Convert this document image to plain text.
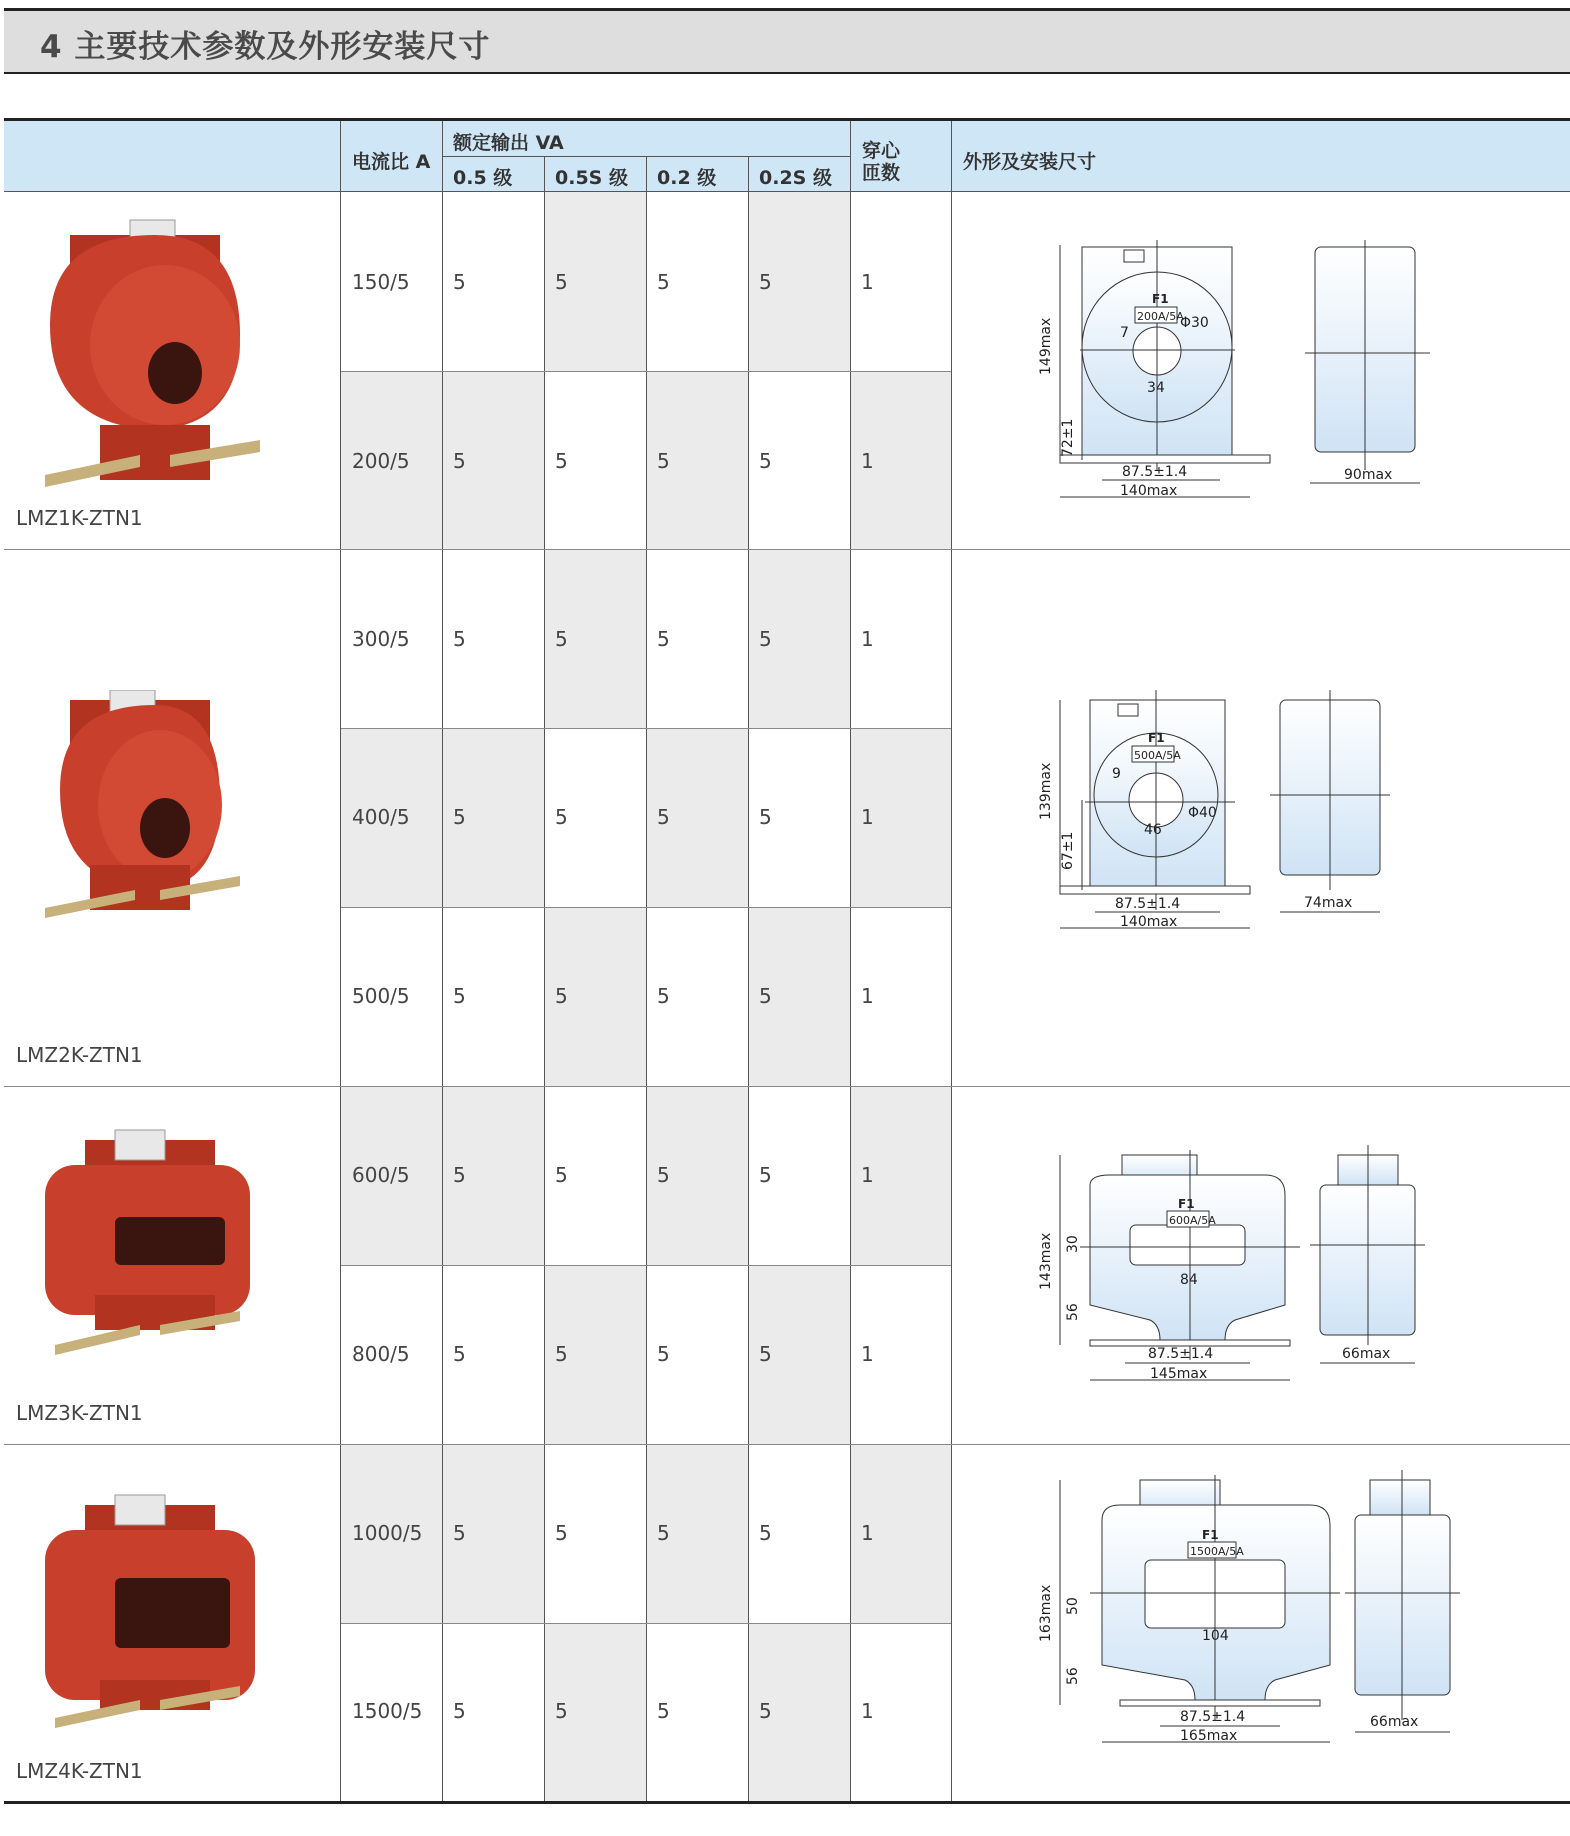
4 主要技术参数及外形安装尺寸
电流比 A
额定输出 VA
0.5 级 0.5S 级 0.2 级 0.2S 级
穿心
匝数	外形及安装尺寸
150/5 5	5	5	5	1
200/5 5	5	5	5	1
300/5 5	5	5	5	1
400/5 5	5	5	5	1
500/5 5	5	5	5	1
600/5 5	5	5	5	1
800/5 5	5	5	5	1
1000/5 5	5	5	5	1
1500/5 5	5	5	5	1
LMZ1K-ZTN1
LMZ2K-ZTN1
LMZ3K-ZTN1
LMZ4K-ZTN1
F1
200A/5A
Φ30
7
34
149max
72±1
87.5±1.4
140max
90max
F1
500A/5A
Φ40
9
46
139max
67±1
87.5±1.4
140max
74max
F1
600A/5A
30
84
56
143max
87.5±1.4
145max
66max
F1
1500A/5A
50
104
56
163max
87.5±1.4
165max
66max
